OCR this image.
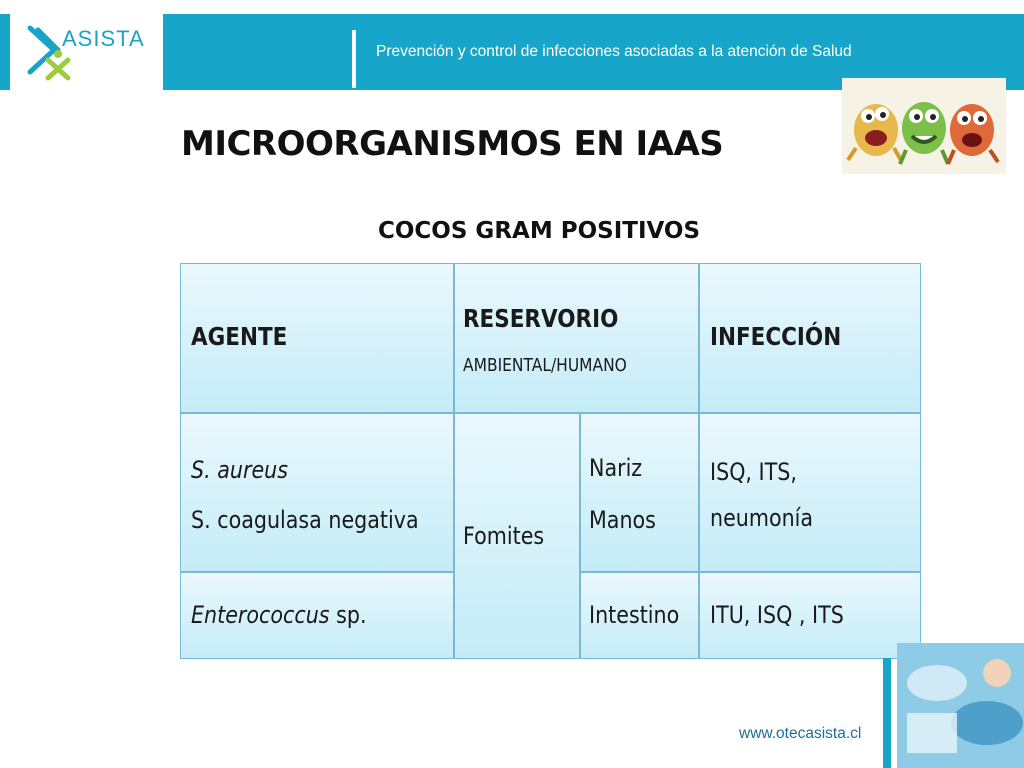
ASISTA
Prevención y control de infecciones asociadas a la atención de Salud
MICROORGANISMOS EN IAAS
COCOS GRAM POSITIVOS
AGENTE
RESERVORIO
AMBIENTAL/HUMANO
INFECCIÓN
S. aureus
S. coagulasa negativa
Fomites
Nariz
Manos
ISQ, ITS,
neumonía
Enterococcus sp.	Intestino ITU, ISQ , ITS
www.otecasista.cl
